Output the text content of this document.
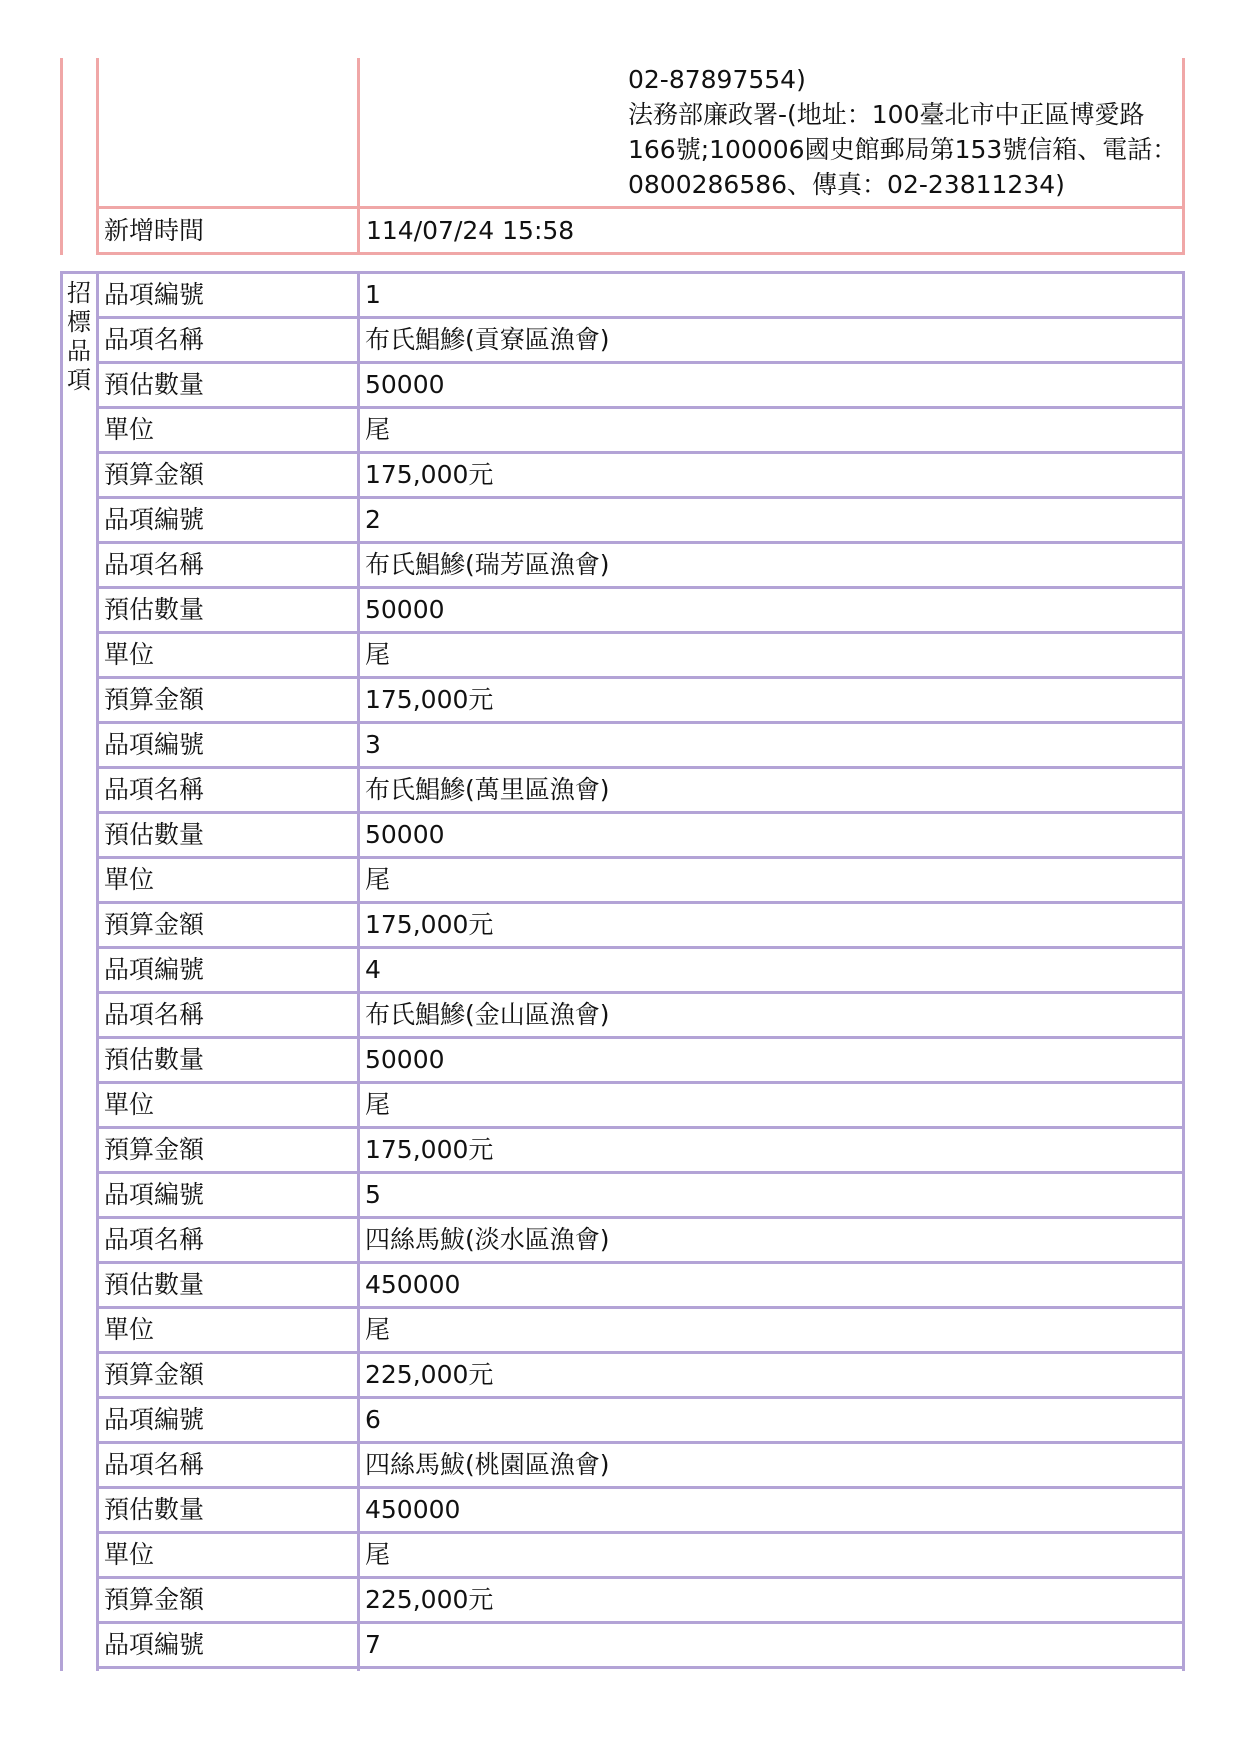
02-87897554)
法務部廉政署-(地址：100臺北市中正區博愛路166號;100006國史館郵局第153號信箱、電話：0800286586、傳真：02-23811234)
新增時間	114/07/24 15:58
招標品項
品項編號	1
品項名稱	布氏鯧鰺(貢寮區漁會)
預估數量	50000
單位	尾
預算金額	175,000元
品項編號	2
品項名稱	布氏鯧鰺(瑞芳區漁會)
預估數量	50000
單位	尾
預算金額	175,000元
品項編號	3
品項名稱	布氏鯧鰺(萬里區漁會)
預估數量	50000
單位	尾
預算金額	175,000元
品項編號	4
品項名稱	布氏鯧鰺(金山區漁會)
預估數量	50000
單位	尾
預算金額	175,000元
品項編號	5
品項名稱	四絲馬鮁(淡水區漁會)
預估數量	450000
單位	尾
預算金額	225,000元
品項編號	6
品項名稱	四絲馬鮁(桃園區漁會)
預估數量	450000
單位	尾
預算金額	225,000元
品項編號	7
